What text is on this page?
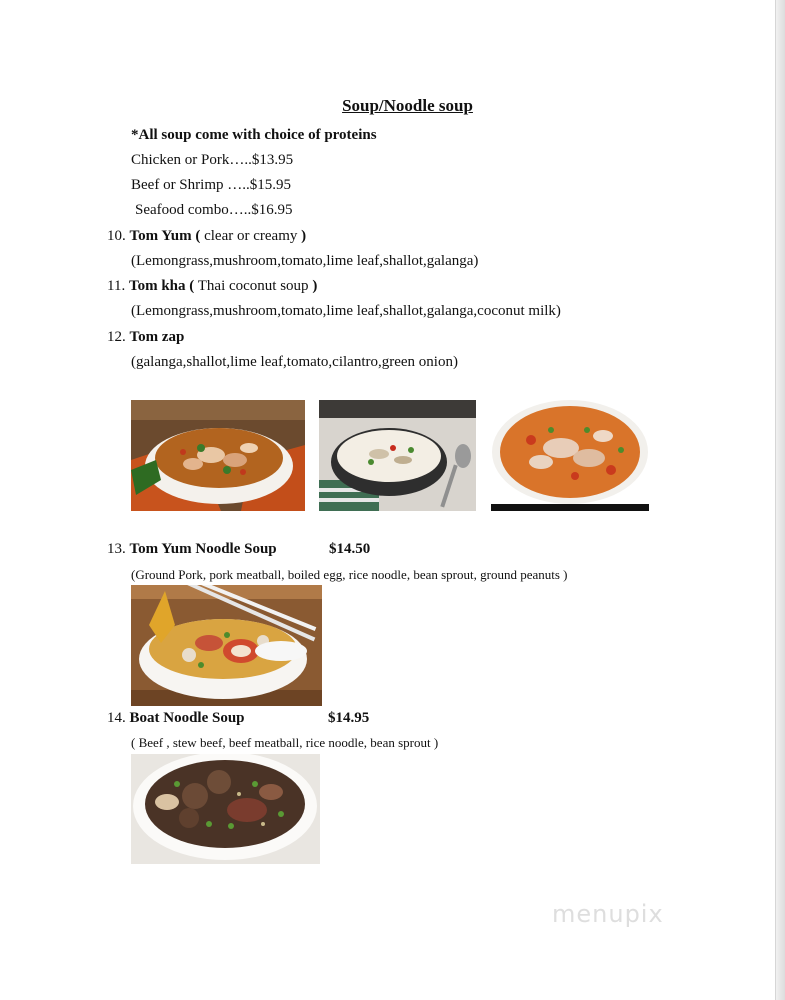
Soup/Noodle soup
*All soup come with choice of proteins
Chicken or Pork…..$13.95
Beef or Shrimp …..$15.95
Seafood combo…..$16.95
10. Tom Yum ( clear or creamy )
(Lemongrass,mushroom,tomato,lime leaf,shallot,galanga)
11. Tom kha ( Thai coconut soup )
(Lemongrass,mushroom,tomato,lime leaf,shallot,galanga,coconut milk)
12. Tom zap
(galanga,shallot,lime leaf,tomato,cilantro,green onion)
13. Tom Yum Noodle Soup	$14.50
(Ground Pork, pork meatball, boiled egg, rice noodle, bean sprout, ground peanuts )
14. Boat Noodle Soup	$14.95
( Beef , stew beef, beef meatball, rice noodle, bean sprout )
menupix
